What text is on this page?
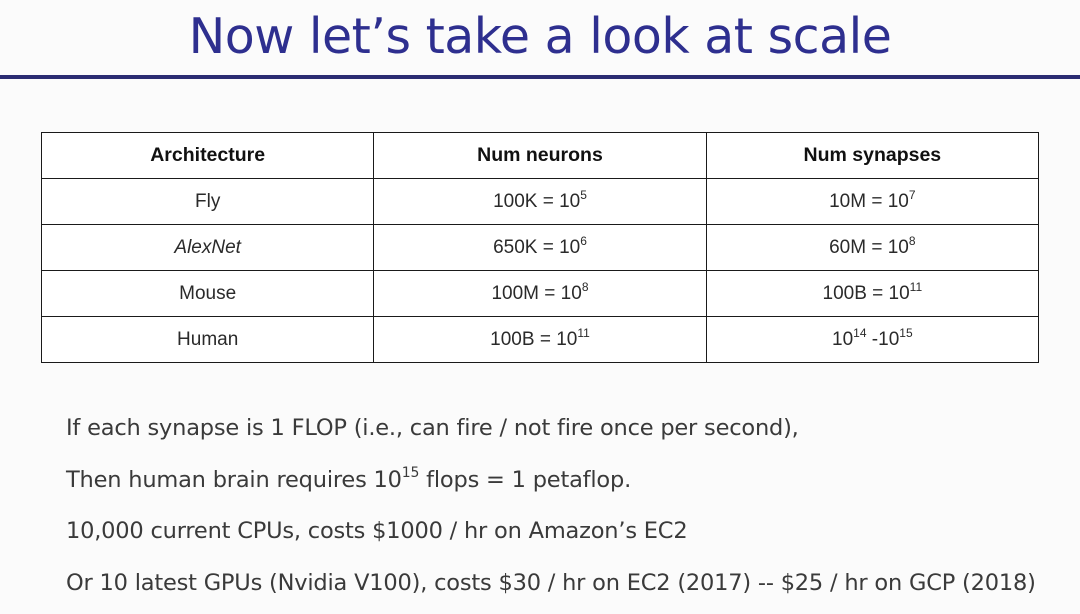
Now let’s take a look at scale
Architecture	Num neurons	Num synapses
Fly	$100K = 10^5$	$10M = 10^7$
AlexNet	$650K = 10^6$	$60M = 10^8$
Mouse	$100M = 10^8$	$100B = 10^{11}$
Human	$100B = 10^{11}$	$10^{14}$ $-10^{15}$
If each synapse is 1 FLOP (i.e., can fire / not fire once per second),
Then human brain requires $10^{15}$ flops = 1 petaflop.
10,000 current CPUs, costs $1000 / hr on Amazon’s EC2
Or 10 latest GPUs (Nvidia V100), costs $30 / hr on EC2 (2017) -- $25 / hr on GCP (2018)
